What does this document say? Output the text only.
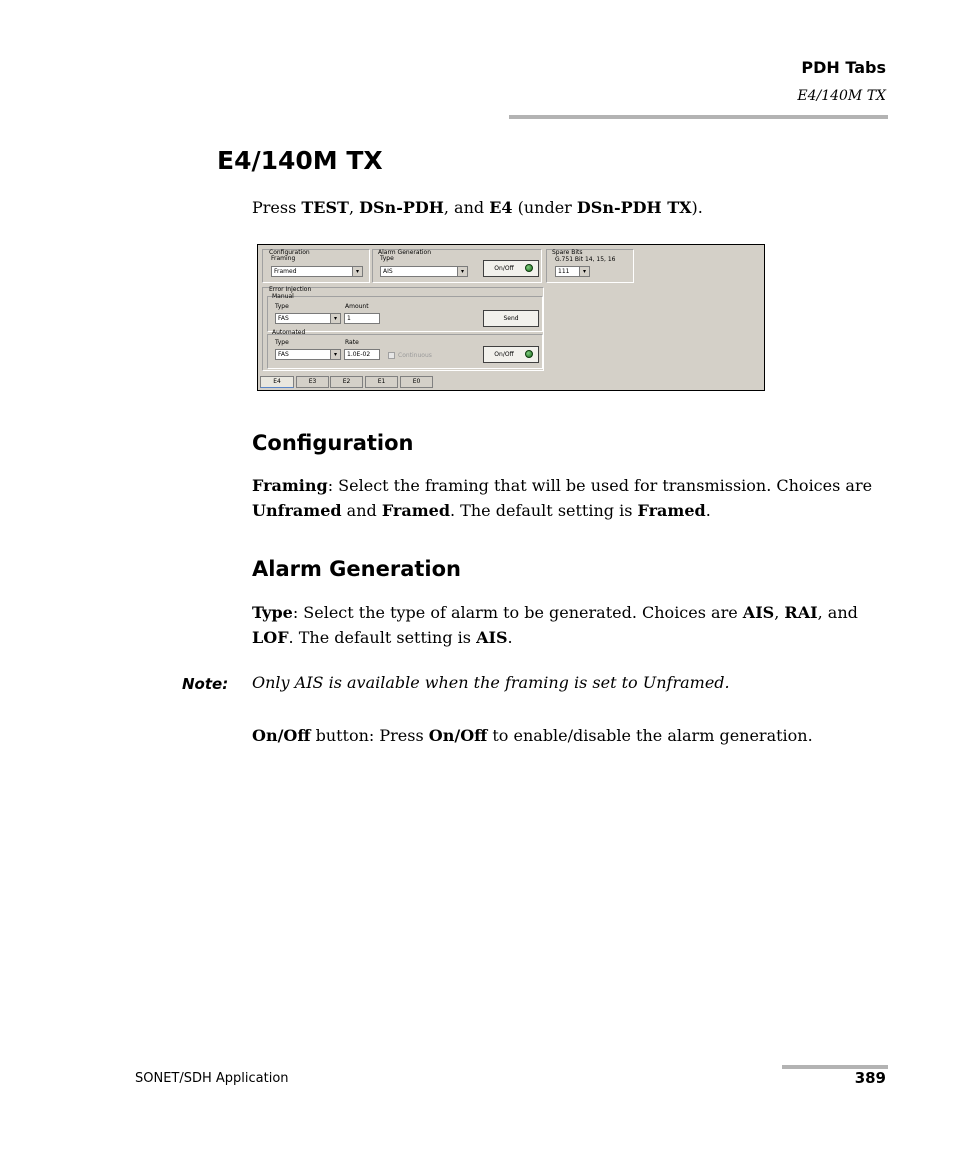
PDH Tabs
E4/140M TX
E4/140M TX
Press TEST, DSn-PDH, and E4 (under DSn-PDH TX).
Configuration
Framing
Framed	▾
Alarm Generation
Type
AIS	▾	On/Off
Spare Bits
G.751 Bit 14, 15, 16
111	▾
Error Injection
Manual
Type
FAS	▾
Amount
1	Send
Automated
Type
FAS	▾
Rate
1.0E-02	Continuous	On/Off
E4	E3	E2	E1	E0
Configuration
Framing: Select the framing that will be used for transmission. Choices are Unframed and Framed. The default setting is Framed.
Alarm Generation
Type: Select the type of alarm to be generated. Choices are AIS, RAI, and LOF. The default setting is AIS.
Note: Only AIS is available when the framing is set to Unframed.
On/Off button: Press On/Off to enable/disable the alarm generation.
SONET/SDH Application	389
